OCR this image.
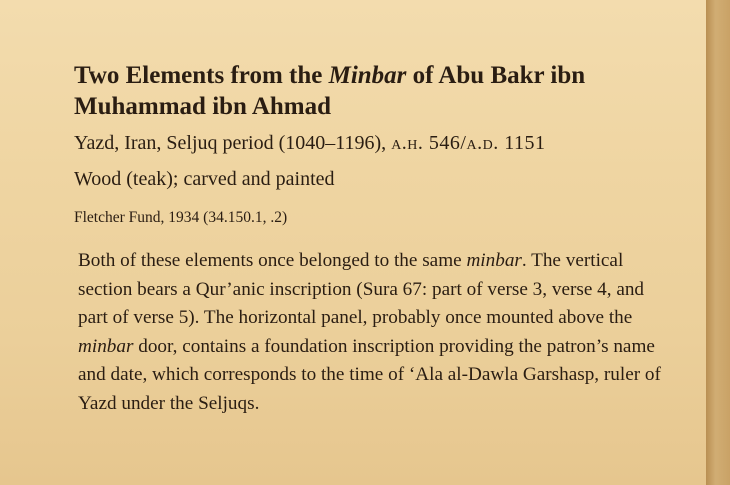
Two Elements from the Minbar of Abu Bakr ibn
Muhammad ibn Ahmad

Yazd, Iran, Seljuq period (1040–1196), a.h. 546/a.d. 1151

Wood (teak); carved and painted

Fletcher Fund, 1934 (34.150.1, .2)

Both of these elements once belonged to the same minbar. The vertical section bears a Qur’anic inscription (Sura 67: part of verse 3, verse 4, and part of verse 5). The horizontal panel, probably once mounted above the minbar door, contains a foundation inscription providing the patron’s name and date, which corresponds to the time of ‘Ala al-Dawla Garshasp, ruler of Yazd under the Seljuqs.
